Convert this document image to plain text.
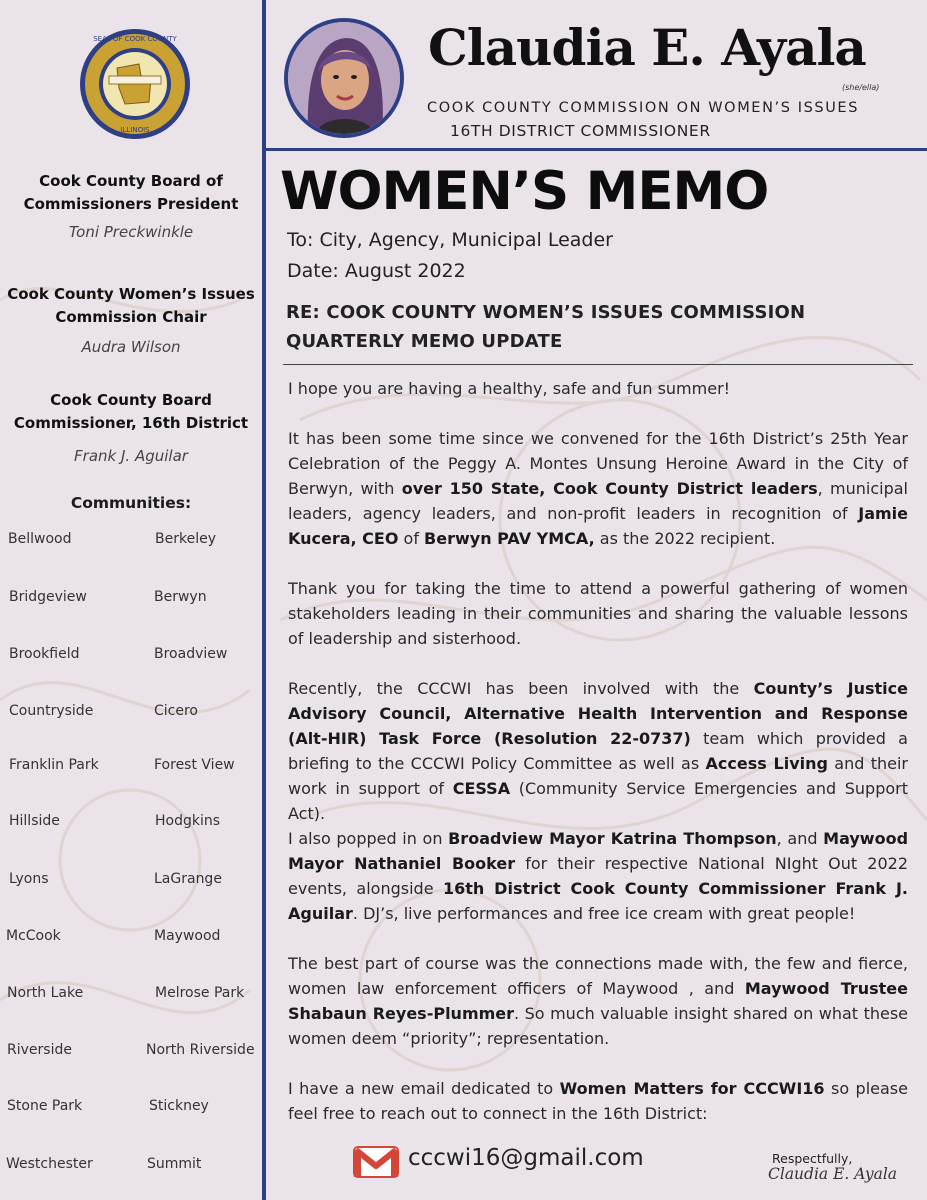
SEAL OF COOK COUNTY
ILLINOIS
Cook County Board of
Commissioners President
Toni Preckwinkle
Cook County Women’s Issues
Commission Chair
Audra Wilson
Cook County Board
Commissioner, 16th District
Frank J. Aguilar
Communities:
Bellwood	Berkeley
Bridgeview	Berwyn
Brookfield	Broadview
Countryside	Cicero
Franklin Park	Forest View
Hillside	Hodgkins
Lyons	LaGrange
McCook	Maywood
North Lake	Melrose Park
Riverside	North Riverside
Stone Park	Stickney
Westchester	Summit
Claudia E. Ayala
(she/ella)
COOK COUNTY COMMISSION ON WOMEN’S ISSUES
16TH DISTRICT COMMISSIONER
WOMEN’S MEMO
To: City, Agency, Municipal Leader
Date: August 2022
RE: COOK COUNTY WOMEN’S ISSUES COMMISSION
QUARTERLY MEMO UPDATE
I hope you are having a healthy, safe and fun summer!
It has been some time since we convened for the 16th District’s 25th Year Celebration of the Peggy A. Montes Unsung Heroine Award in the City of Berwyn, with over 150 State, Cook County District leaders, municipal leaders, agency leaders, and non-profit leaders in recognition of Jamie Kucera, CEO of Berwyn PAV YMCA, as the 2022 recipient.
Thank you for taking the time to attend a powerful gathering of women stakeholders leading in their communities and sharing the valuable lessons of leadership and sisterhood.
Recently, the CCCWI has been involved with the County’s Justice Advisory Council, Alternative Health Intervention and Response (Alt-HIR) Task Force (Resolution 22-0737) team which provided a briefing to the CCCWI Policy Committee as well as Access Living and their work in support of CESSA (Community Service Emergencies and Support Act).
I also popped in on Broadview Mayor Katrina Thompson, and Maywood Mayor Nathaniel Booker for their respective National NIght Out 2022 events, alongside 16th District Cook County Commissioner Frank J. Aguilar. DJ’s, live performances and free ice cream with great people!
The best part of course was the connections made with, the few and fierce, women law enforcement officers of Maywood , and Maywood Trustee Shabaun Reyes-Plummer. So much valuable insight shared on what these women deem “priority”; representation.
I have a new email dedicated to Women Matters for CCCWI16 so please feel free to reach out to connect in the 16th District:
cccwi16@gmail.com	Respectfully,
Claudia E. Ayala
